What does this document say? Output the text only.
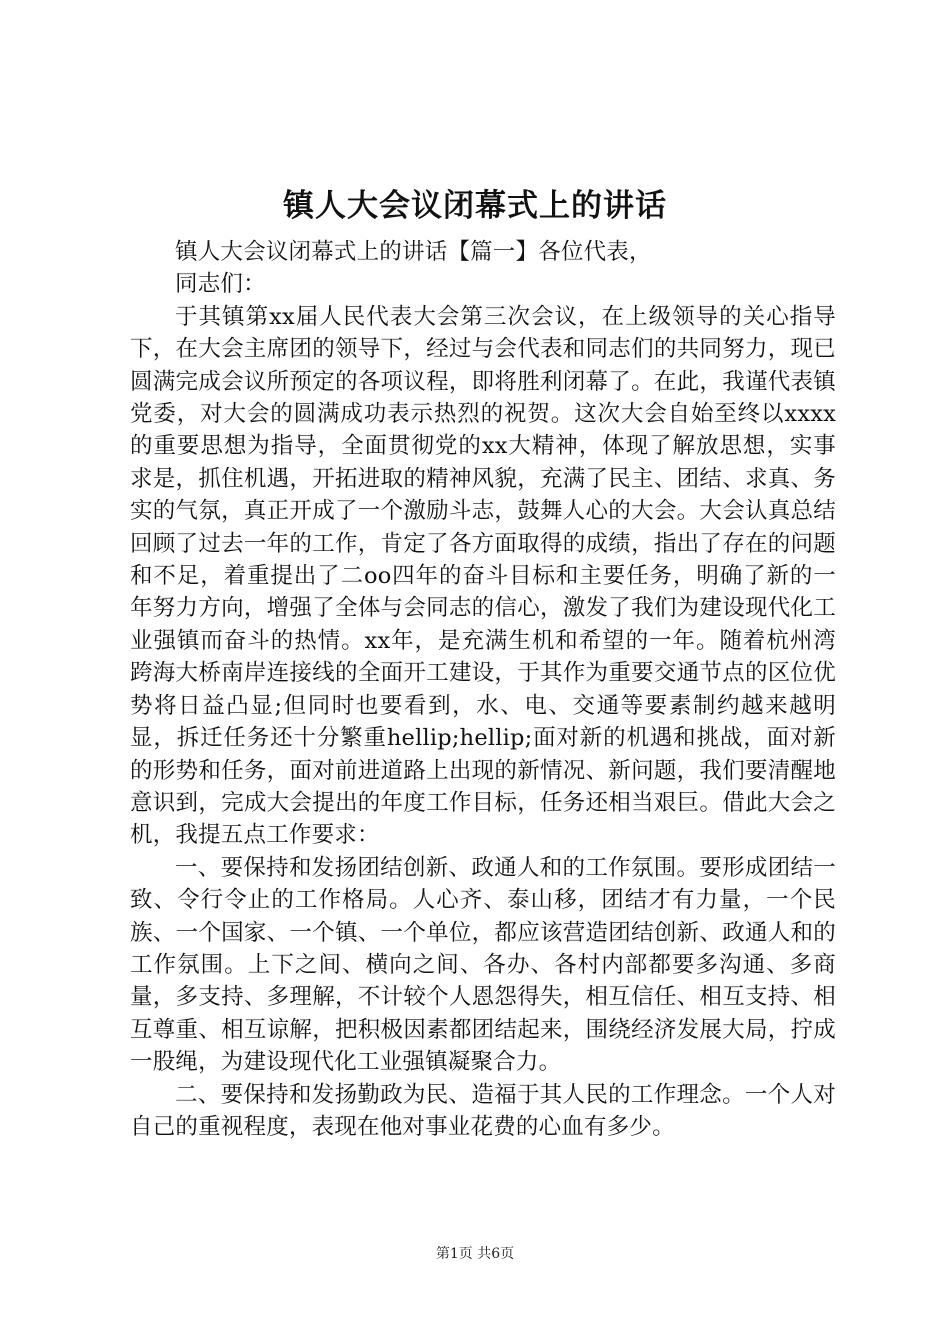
镇人大会议闭幕式上的讲话

镇人大会议闭幕式上的讲话【篇一】各位代表，

同志们：

于其镇第xx届人民代表大会第三次会议，在上级领导的关心指导下，在大会主席团的领导下，经过与会代表和同志们的共同努力，现已圆满完成会议所预定的各项议程，即将胜利闭幕了。在此，我谨代表镇党委，对大会的圆满成功表示热烈的祝贺。这次大会自始至终以xxxx的重要思想为指导，全面贯彻党的xx大精神，体现了解放思想，实事求是，抓住机遇，开拓进取的精神风貌，充满了民主、团结、求真、务实的气氛，真正开成了一个激励斗志，鼓舞人心的大会。大会认真总结回顾了过去一年的工作，肯定了各方面取得的成绩，指出了存在的问题和不足，着重提出了二oo四年的奋斗目标和主要任务，明确了新的一年努力方向，增强了全体与会同志的信心，激发了我们为建设现代化工业强镇而奋斗的热情。xx年，是充满生机和希望的一年。随着杭州湾跨海大桥南岸连接线的全面开工建设，于其作为重要交通节点的区位优势将日益凸显;但同时也要看到，水、电、交通等要素制约越来越明显，拆迁任务还十分繁重hellip;hellip;面对新的机遇和挑战，面对新的形势和任务，面对前进道路上出现的新情况、新问题，我们要清醒地意识到，完成大会提出的年度工作目标，任务还相当艰巨。借此大会之机，我提五点工作要求：

一、要保持和发扬团结创新、政通人和的工作氛围。要形成团结一致、令行令止的工作格局。人心齐、泰山移，团结才有力量，一个民族、一个国家、一个镇、一个单位，都应该营造团结创新、政通人和的工作氛围。上下之间、横向之间、各办、各村内部都要多沟通、多商量，多支持、多理解，不计较个人恩怨得失，相互信任、相互支持、相互尊重、相互谅解，把积极因素都团结起来，围绕经济发展大局，拧成一股绳，为建设现代化工业强镇凝聚合力。

二、要保持和发扬勤政为民、造福于其人民的工作理念。一个人对自己的重视程度，表现在他对事业花费的心血有多少。

第1页 共6页
